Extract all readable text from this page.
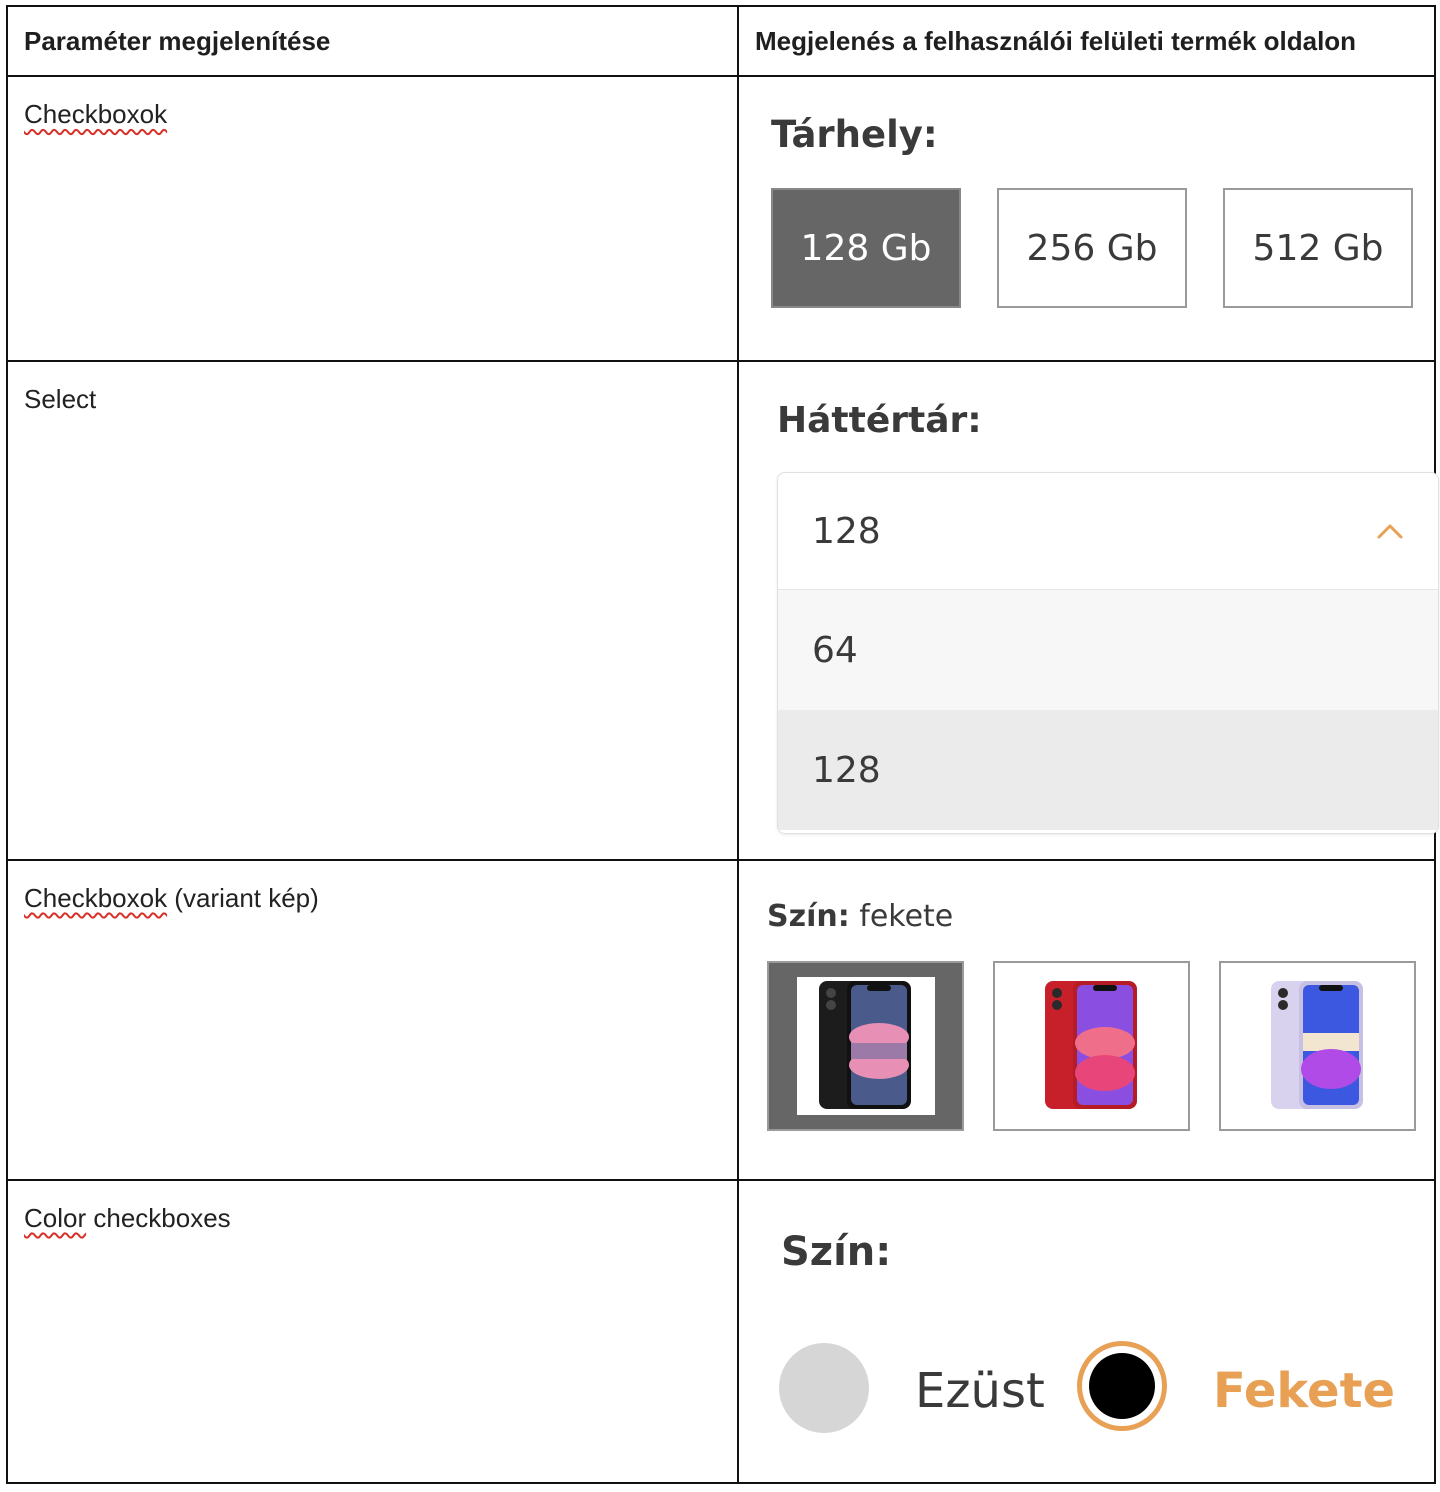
Paraméter megjelenítése	Megjelenés a felhasználói felületi termék oldalon

Checkboxok	Tárhely:
128 Gb 256 Gb 512 Gb

Select	Háttértár:
128
64
128

Checkboxok (variant kép)	Szín: fekete

Color checkboxes	Szín:
Ezüst Fekete
